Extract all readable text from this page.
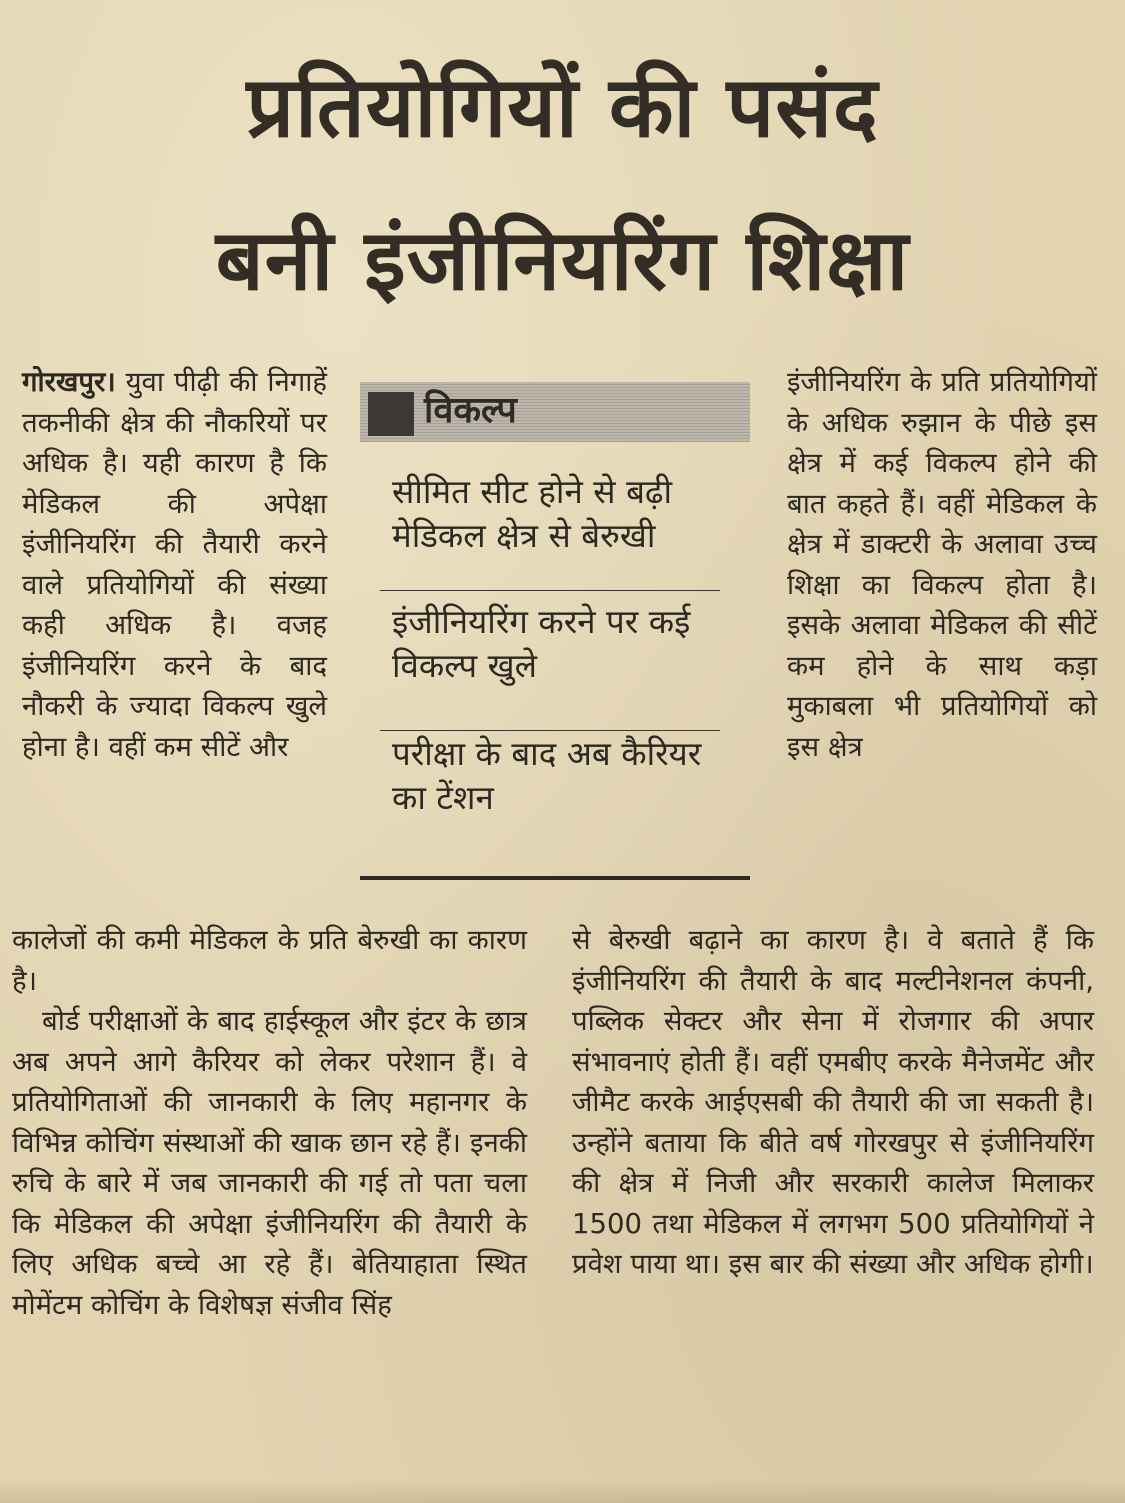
प्रतियोगियों की पसंद
बनी इंजीनियरिंग शिक्षा

गोरखपुर। युवा पीढ़ी की निगाहें तकनीकी क्षेत्र की नौकरियों पर अधिक है। यही कारण है कि मेडिकल की अपेक्षा इंजीनियरिंग की तैयारी करने वाले प्रतियोगियों की संख्या कही अधिक है। वजह इंजीनियरिंग करने के बाद नौकरी के ज्यादा विकल्प खुले होना है। वहीं कम सीटें और

विकल्प
सीमित सीट होने से बढ़ी मेडिकल क्षेत्र से बेरुखी
इंजीनियरिंग करने पर कई विकल्प खुले
परीक्षा के बाद अब कैरियर का टेंशन

इंजीनियरिंग के प्रति प्रतियोगियों के अधिक रुझान के पीछे इस क्षेत्र में कई विकल्प होने की बात कहते हैं। वहीं मेडिकल के क्षेत्र में डाक्टरी के अलावा उच्च शिक्षा का विकल्प होता है। इसके अलावा मेडिकल की सीटें कम होने के साथ कड़ा मुकाबला भी प्रतियोगियों को इस क्षेत्र

कालेजों की कमी मेडिकल के प्रति बेरुखी का कारण है।

बोर्ड परीक्षाओं के बाद हाईस्कूल और इंटर के छात्र अब अपने आगे कैरियर को लेकर परेशान हैं। वे प्रतियोगिताओं की जानकारी के लिए महानगर के विभिन्न कोचिंग संस्थाओं की खाक छान रहे हैं। इनकी रुचि के बारे में जब जानकारी की गई तो पता चला कि मेडिकल की अपेक्षा इंजीनियरिंग की तैयारी के लिए अधिक बच्चे आ रहे हैं। बेतियाहाता स्थित मोमेंटम कोचिंग के विशेषज्ञ संजीव सिंह

से बेरुखी बढ़ाने का कारण है। वे बताते हैं कि इंजीनियरिंग की तैयारी के बाद मल्टीनेशनल कंपनी, पब्लिक सेक्टर और सेना में रोजगार की अपार संभावनाएं होती हैं। वहीं एमबीए करके मैनेजमेंट और जीमैट करके आईएसबी की तैयारी की जा सकती है। उन्होंने बताया कि बीते वर्ष गोरखपुर से इंजीनियरिंग की क्षेत्र में निजी और सरकारी कालेज मिलाकर 1500 तथा मेडिकल में लगभग 500 प्रतियोगियों ने प्रवेश पाया था। इस बार की संख्या और अधिक होगी।
